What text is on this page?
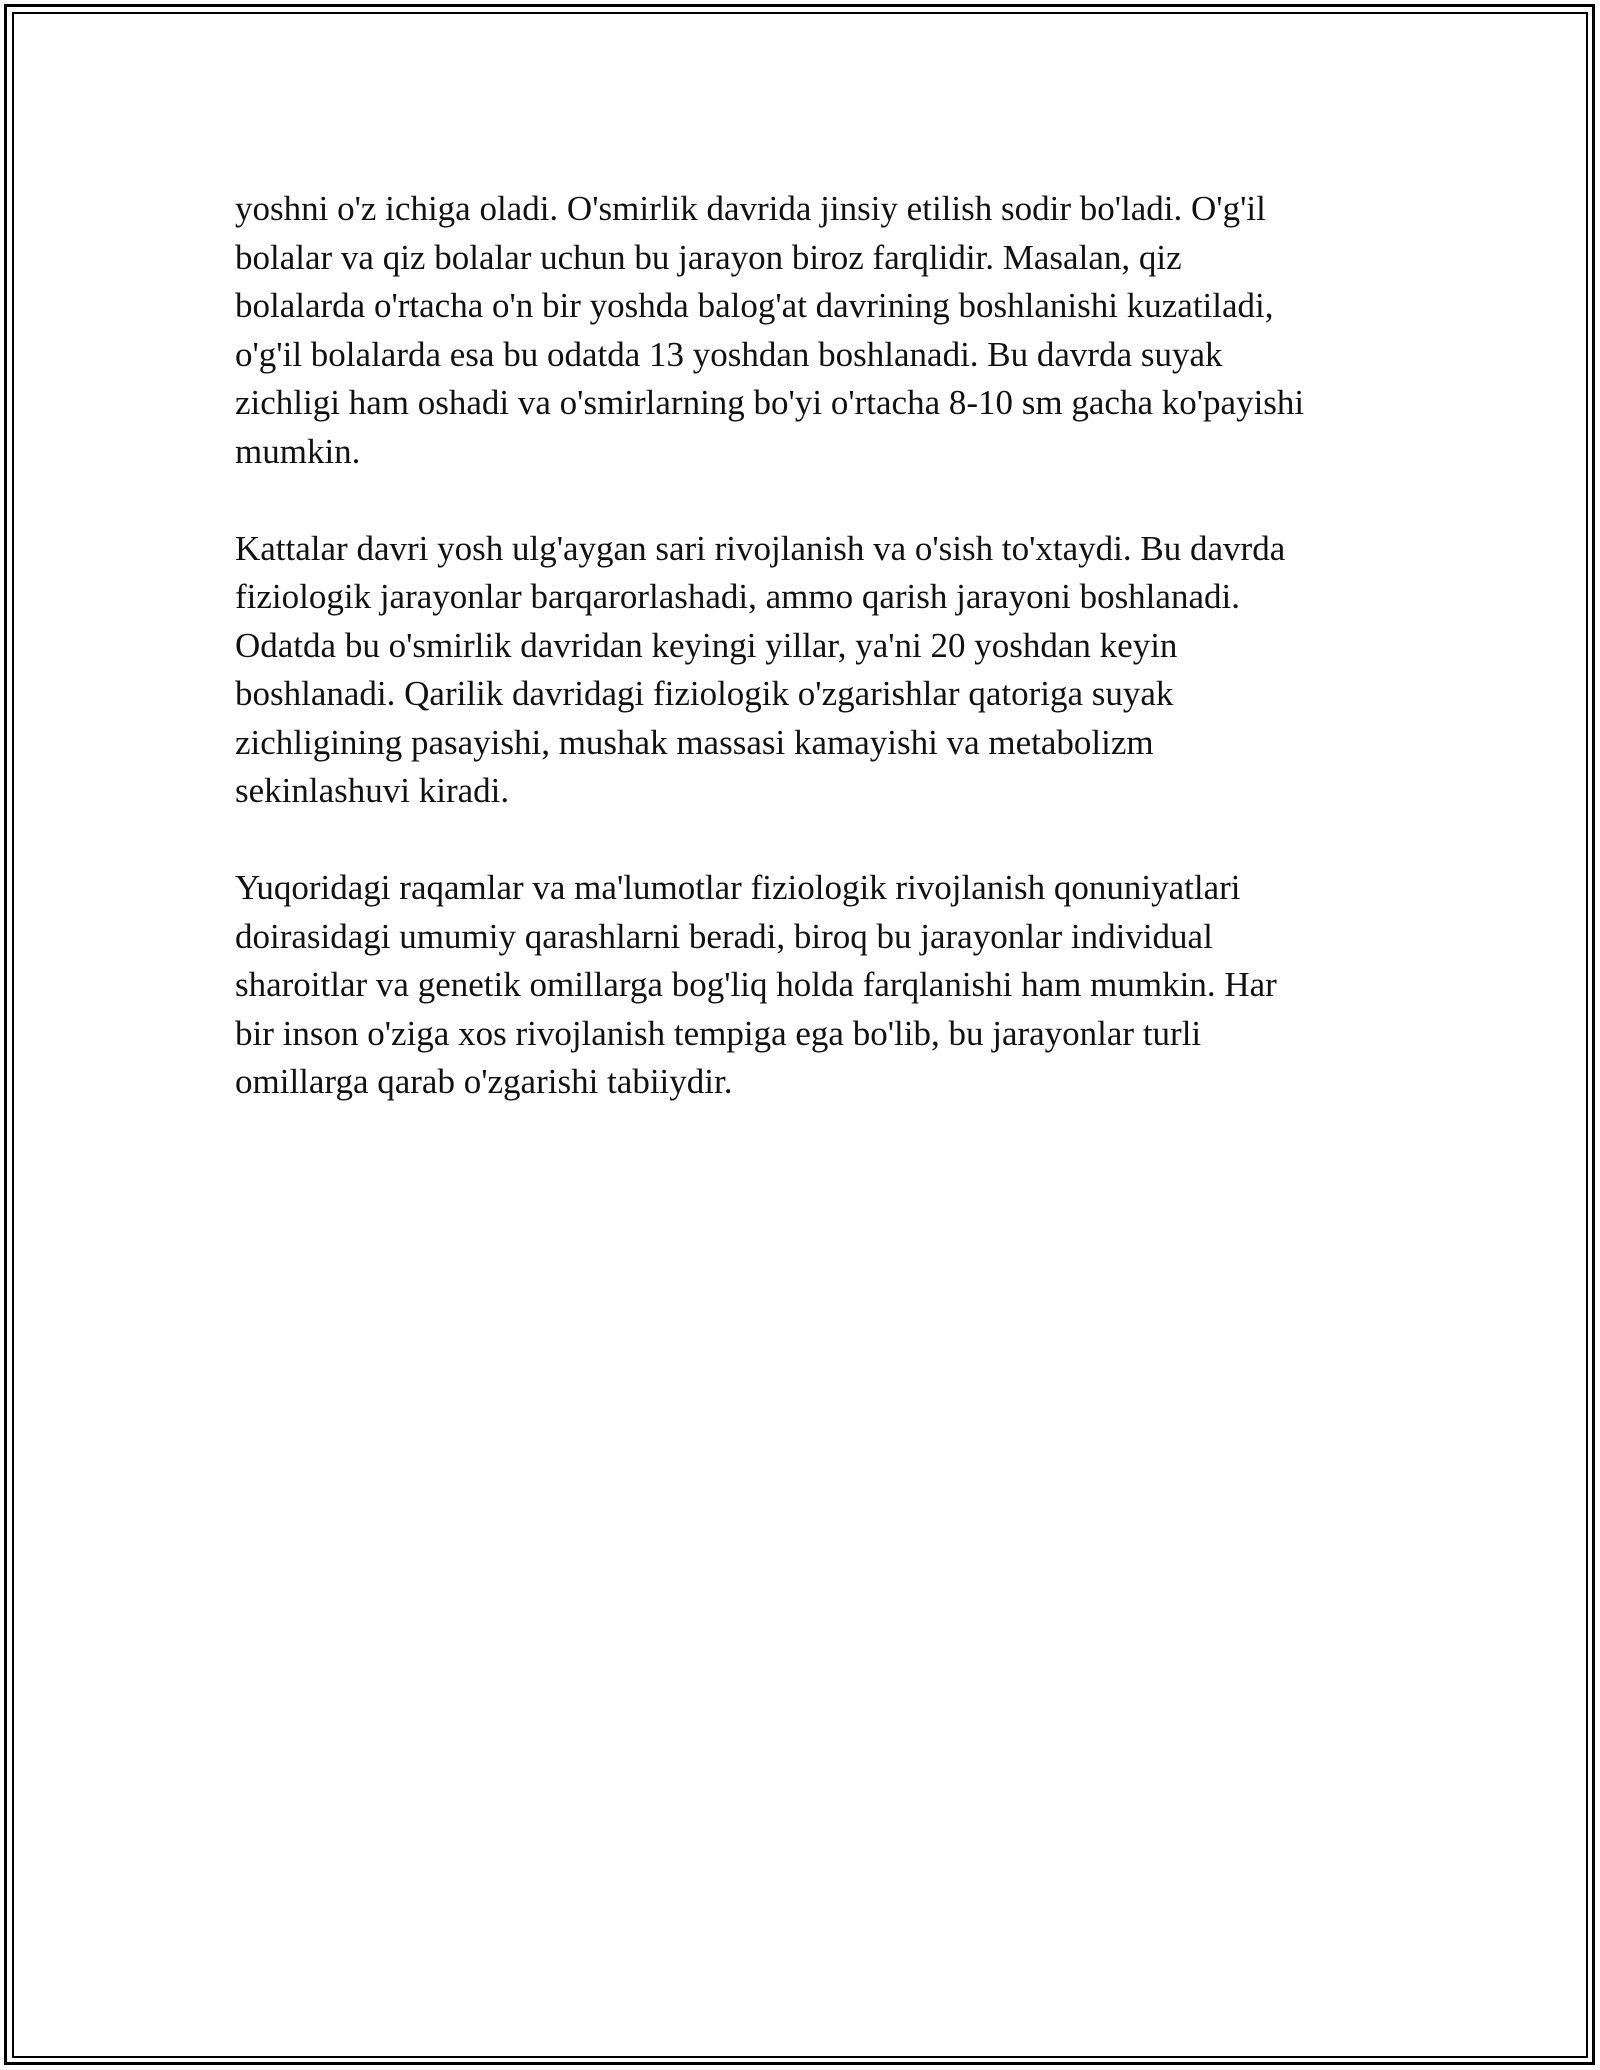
yoshni o'z ichiga oladi. O'smirlik davrida jinsiy etilish sodir bo'ladi. O'g'il
bolalar va qiz bolalar uchun bu jarayon biroz farqlidir. Masalan, qiz
bolalarda o'rtacha o'n bir yoshda balog'at davrining boshlanishi kuzatiladi,
o'g'il bolalarda esa bu odatda 13 yoshdan boshlanadi. Bu davrda suyak
zichligi ham oshadi va o'smirlarning bo'yi o'rtacha 8-10 sm gacha ko'payishi
mumkin.

Kattalar davri yosh ulg'aygan sari rivojlanish va o'sish to'xtaydi. Bu davrda
fiziologik jarayonlar barqarorlashadi, ammo qarish jarayoni boshlanadi.
Odatda bu o'smirlik davridan keyingi yillar, ya'ni 20 yoshdan keyin
boshlanadi. Qarilik davridagi fiziologik o'zgarishlar qatoriga suyak
zichligining pasayishi, mushak massasi kamayishi va metabolizm
sekinlashuvi kiradi.

Yuqoridagi raqamlar va ma'lumotlar fiziologik rivojlanish qonuniyatlari
doirasidagi umumiy qarashlarni beradi, biroq bu jarayonlar individual
sharoitlar va genetik omillarga bog'liq holda farqlanishi ham mumkin. Har
bir inson o'ziga xos rivojlanish tempiga ega bo'lib, bu jarayonlar turli
omillarga qarab o'zgarishi tabiiydir.
